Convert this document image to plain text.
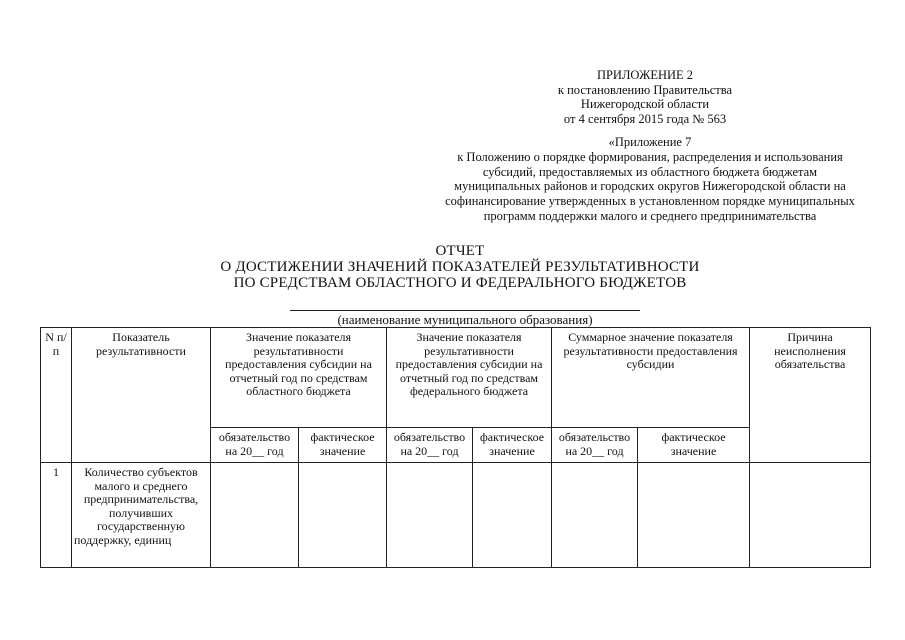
ПРИЛОЖЕНИЕ 2
к постановлению Правительства
Нижегородской области
от 4 сентября 2015 года № 563
«Приложение 7
к Положению о порядке формирования, распределения и использования
субсидий, предоставляемых из областного бюджета бюджетам
муниципальных районов и городских округов Нижегородской области на
софинансирование утвержденных в установленном порядке муниципальных
программ поддержки малого и среднего предпринимательства
ОТЧЕТ
О ДОСТИЖЕНИИ ЗНАЧЕНИЙ ПОКАЗАТЕЛЕЙ РЕЗУЛЬТАТИВНОСТИ
ПО СРЕДСТВАМ ОБЛАСТНОГО И ФЕДЕРАЛЬНОГО БЮДЖЕТОВ
(наименование муниципального образования)
N п/п	Показатель результативности	Значение показателя результативности предоставления субсидии на отчетный год по средствам областного бюджета		Значение показателя результативности предоставления субсидии на отчетный год по средствам федерального бюджета		Суммарное значение показателя результативности предоставления субсидии		Причина неисполнения обязательства
		обязательство на 20__ год	фактическое значение	обязательство на 20__ год	фактическое значение	обязательство на 20__ год	фактическое значение	
1	Количество субъектов малого и среднего предпринимательства, получивших государственную поддержку, единиц							
